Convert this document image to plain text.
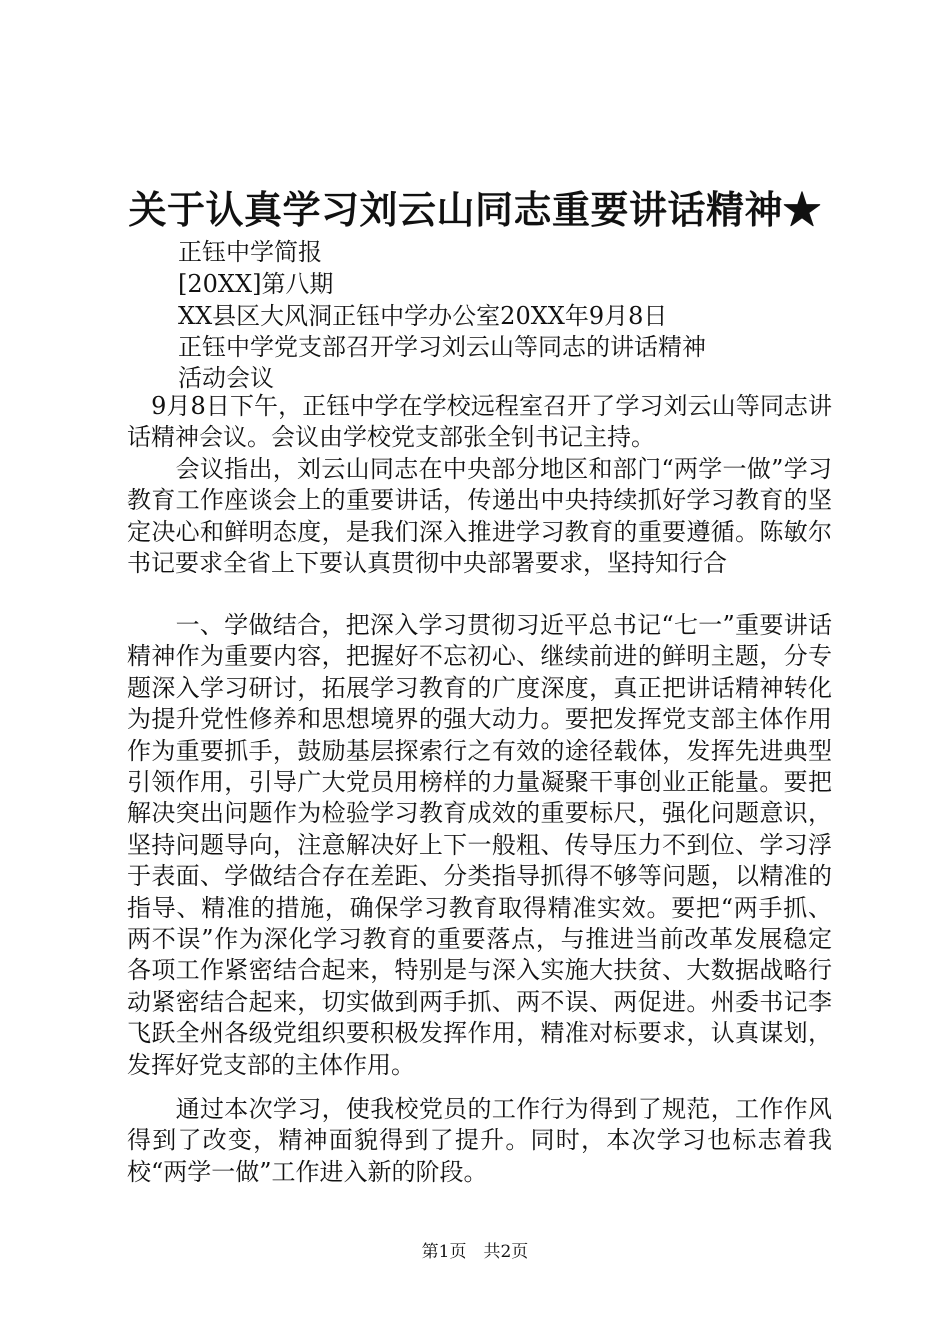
关于认真学习刘云山同志重要讲话精神★
正钰中学简报
[20XX]第八期
XX县区大风洞正钰中学办公室20XX年9月8日
正钰中学党支部召开学习刘云山等同志的讲话精神
活动会议

　9月8日下午，正钰中学在学校远程室召开了学习刘云山等同志讲话精神会议。会议由学校党支部张全钊书记主持。

　　会议指出，刘云山同志在中央部分地区和部门“两学一做”学习教育工作座谈会上的重要讲话，传递出中央持续抓好学习教育的坚定决心和鲜明态度，是我们深入推进学习教育的重要遵循。陈敏尔书记要求全省上下要认真贯彻中央部署要求，坚持知行合

　　一、学做结合，把深入学习贯彻习近平总书记“七一”重要讲话精神作为重要内容，把握好不忘初心、继续前进的鲜明主题，分专题深入学习研讨，拓展学习教育的广度深度，真正把讲话精神转化为提升党性修养和思想境界的强大动力。要把发挥党支部主体作用作为重要抓手，鼓励基层探索行之有效的途径载体，发挥先进典型引领作用，引导广大党员用榜样的力量凝聚干事创业正能量。要把解决突出问题作为检验学习教育成效的重要标尺，强化问题意识，坚持问题导向，注意解决好上下一般粗、传导压力不到位、学习浮于表面、学做结合存在差距、分类指导抓得不够等问题，以精准的指导、精准的措施，确保学习教育取得精准实效。要把“两手抓、两不误”作为深化学习教育的重要落点，与推进当前改革发展稳定各项工作紧密结合起来，特别是与深入实施大扶贫、大数据战略行动紧密结合起来，切实做到两手抓、两不误、两促进。州委书记李飞跃全州各级党组织要积极发挥作用，精准对标要求，认真谋划，发挥好党支部的主体作用。

　　通过本次学习，使我校党员的工作行为得到了规范，工作作风得到了改变，精神面貌得到了提升。同时，本次学习也标志着我校“两学一做”工作进入新的阶段。

第1页　共2页
